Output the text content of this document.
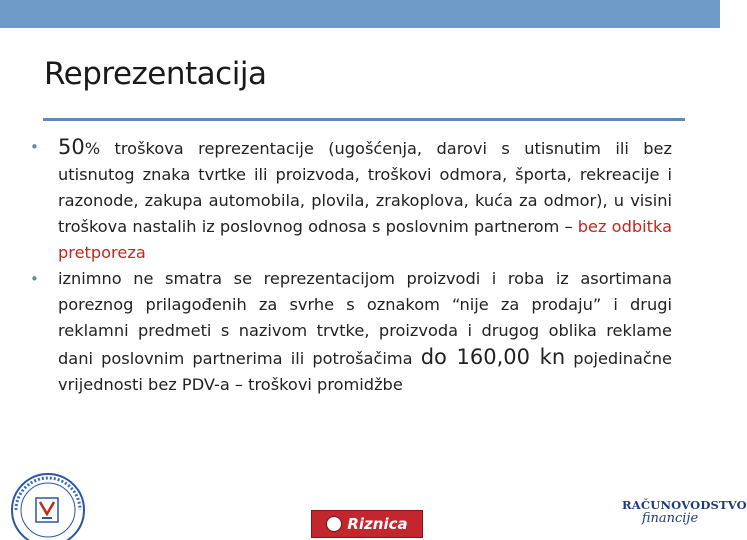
Reprezentacija

• 50% troškova reprezentacije (ugošćenja, darovi s utisnutim ili bez utisnutog znaka tvrtke ili proizvoda, troškovi odmora, športa, rekreacije i razonode, zakupa automobila, plovila, zrakoplova, kuća za odmor), u visini troškova nastalih iz poslovnog odnosa s poslovnim partnerom – bez odbitka pretporeza

• iznimno ne smatra se reprezentacijom proizvodi i roba iz asortimana poreznog prilagođenih za svrhe s oznakom “nije za prodaju” i drugi reklamni predmeti s nazivom trvtke, proizvoda i drugog oblika reklame dani poslovnim partnerima ili potrošačima do 160,00 kn pojedinačne vrijednosti bez PDV-a – troškovi promidžbe

Riznica
RAČUNOVODSTVO
financije
